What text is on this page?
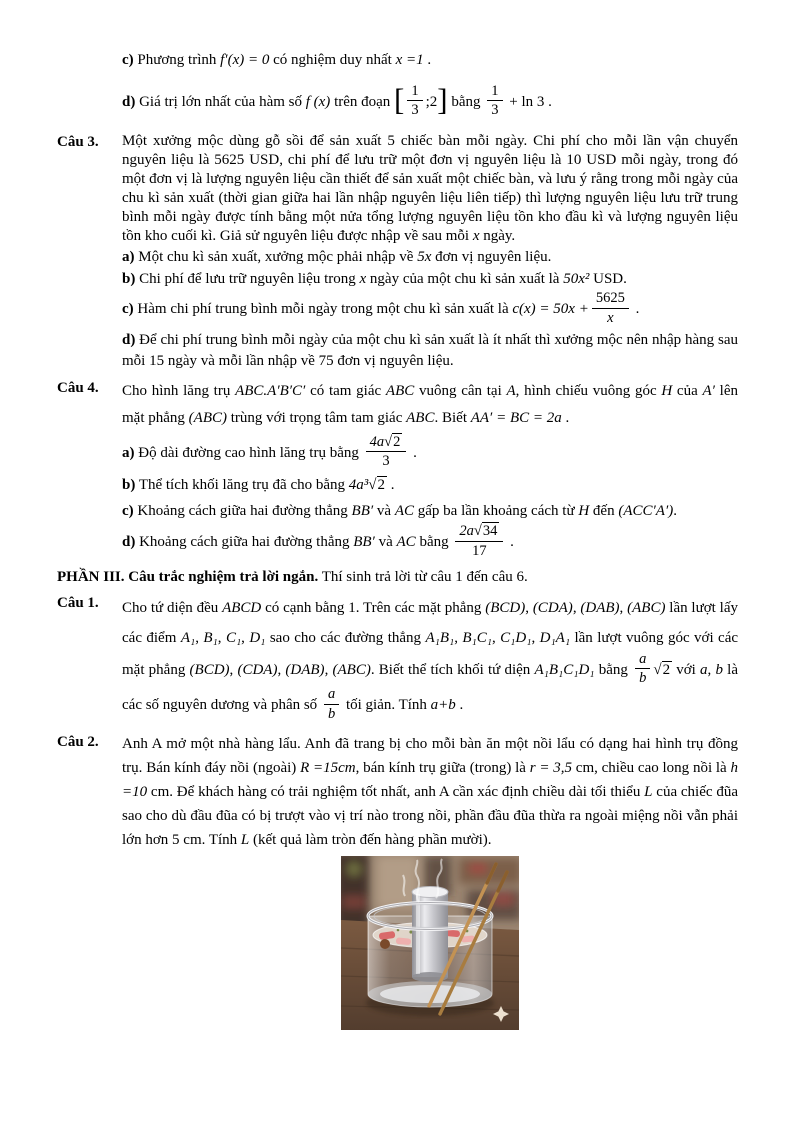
c) Phương trình f′(x) = 0 có nghiệm duy nhất x =1 .

d) Giá trị lớn nhất của hàm số f (x) trên đoạn [ $\frac{1}{3}$ ;2] bằng $\frac{1}{3} + \ln 3$ .

Câu 3.	Một xưởng mộc dùng gỗ sồi để sản xuất 5 chiếc bàn mỗi ngày. Chi phí cho mỗi lần vận chuyển nguyên liệu là 5625 USD, chi phí để lưu trữ một đơn vị nguyên liệu là 10 USD mỗi ngày, trong đó một đơn vị là lượng nguyên liệu cần thiết để sản xuất một chiếc bàn, và lưu ý rằng trong mỗi ngày của chu kì sản xuất (thời gian giữa hai lần nhập nguyên liệu liên tiếp) thì lượng nguyên liệu lưu trữ trung bình mỗi ngày được tính bằng một nửa tổng lượng nguyên liệu tồn kho đầu kì và lượng nguyên liệu tồn kho cuối kì. Giả sử nguyên liệu được nhập về sau mỗi x ngày.

a) Một chu kì sản xuất, xưởng mộc phải nhập về 5x đơn vị nguyên liệu.

b) Chi phí để lưu trữ nguyên liệu trong x ngày của một chu kì sản xuất là 50x² USD.

c) Hàm chi phí trung bình mỗi ngày trong một chu kì sản xuất là $c(x) = 50x + \frac{5625}{x}$ .

d) Để chi phí trung bình mỗi ngày của một chu kì sản xuất là ít nhất thì xưởng mộc nên nhập hàng sau mỗi 15 ngày và mỗi lần nhập về 75 đơn vị nguyên liệu.

Câu 4.	Cho hình lăng trụ ABC.A′B′C′ có tam giác ABC vuông cân tại A, hình chiếu vuông góc H của A′ lên mặt phẳng (ABC) trùng với trọng tâm tam giác ABC. Biết AA′ = BC = 2a .

a) Độ dài đường cao hình lăng trụ bằng $\frac{4a√2}{3}$ .

b) Thể tích khối lăng trụ đã cho bằng 4a³√2 .

c) Khoảng cách giữa hai đường thẳng BB′ và AC gấp ba lần khoảng cách từ H đến (ACC′A′).

d) Khoảng cách giữa hai đường thẳng BB′ và AC bằng $\frac{2a√34}{17}$ .

PHẦN III. Câu trắc nghiệm trả lời ngắn. Thí sinh trả lời từ câu 1 đến câu 6.

Câu 1.	Cho tứ diện đều ABCD có cạnh bằng 1. Trên các mặt phẳng (BCD), (CDA), (DAB), (ABC) lần lượt lấy các điểm A₁, B₁, C₁, D₁ sao cho các đường thẳng A₁B₁, B₁C₁, C₁D₁, D₁A₁ lần lượt vuông góc với các mặt phẳng (BCD), (CDA), (DAB), (ABC). Biết thể tích khối tứ diện A₁B₁C₁D₁ bằng $\frac{a}{b} √2$ với a, b là các số nguyên dương và phân số $\frac{a}{b}$ tối giản. Tính a+b .

Câu 2.	Anh A mở một nhà hàng lẩu. Anh đã trang bị cho mỗi bàn ăn một nồi lẩu có dạng hai hình trụ đồng trụ. Bán kính đáy nồi (ngoài) R =15cm, bán kính trụ giữa (trong) là r = 3,5 cm, chiều cao long nồi là h =10 cm. Để khách hàng có trải nghiệm tốt nhất, anh A cần xác định chiều dài tối thiểu L của chiếc đũa sao cho dù đầu đũa có bị trượt vào vị trí nào trong nồi, phần đầu đũa thừa ra ngoài miệng nồi vẫn phải lớn hơn 5 cm. Tính L (kết quả làm tròn đến hàng phần mười).
